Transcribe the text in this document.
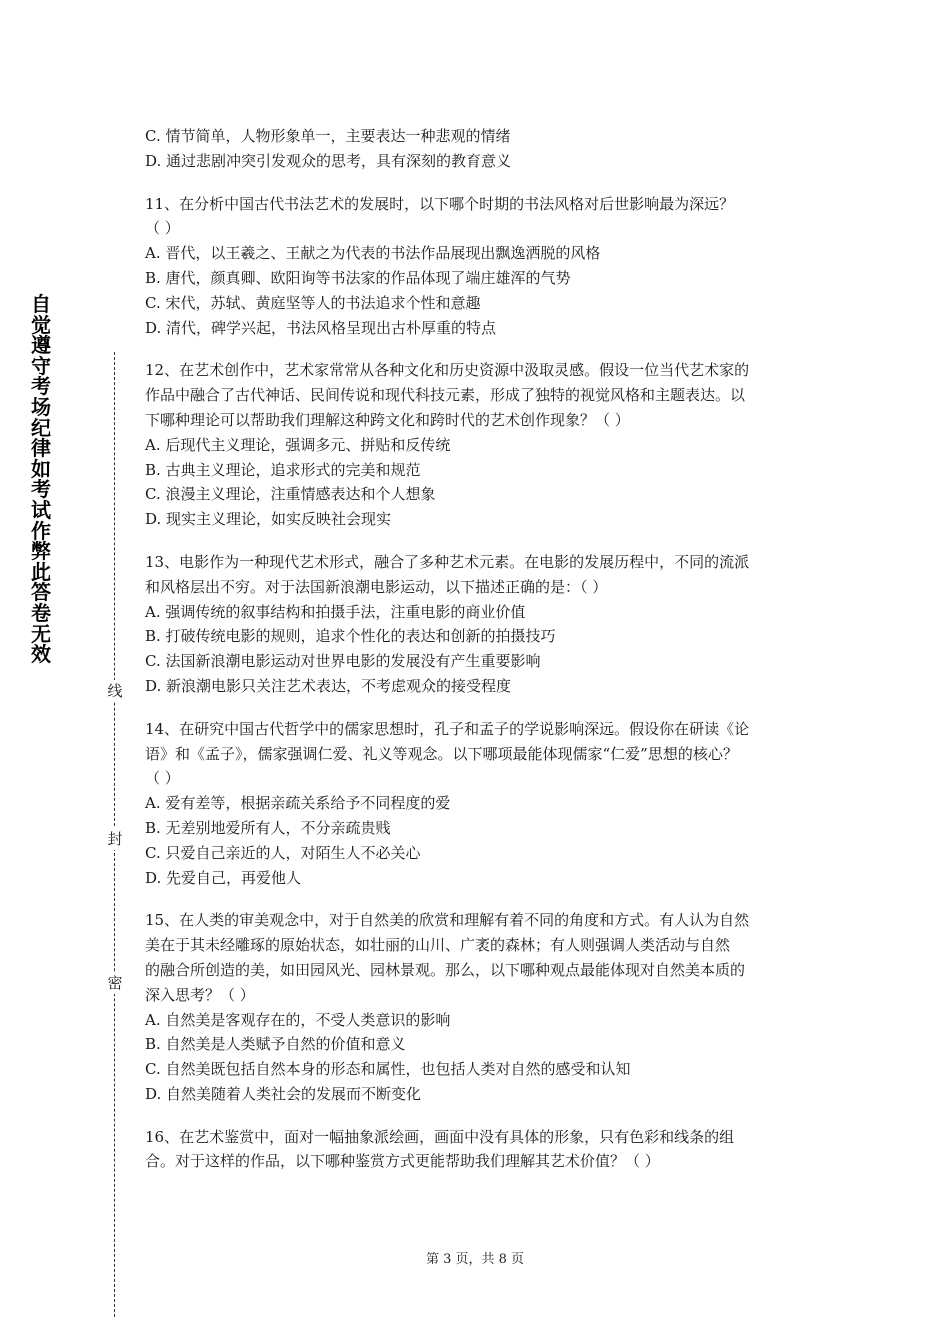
自觉遵守考场纪律如考试作弊此答卷无效
线
封
密
C. 情节简单，人物形象单一，主要表达一种悲观的情绪
D. 通过悲剧冲突引发观众的思考，具有深刻的教育意义
11、在分析中国古代书法艺术的发展时，以下哪个时期的书法风格对后世影响最为深远？
（ ）
A. 晋代，以王羲之、王献之为代表的书法作品展现出飘逸洒脱的风格
B. 唐代，颜真卿、欧阳询等书法家的作品体现了端庄雄浑的气势
C. 宋代，苏轼、黄庭坚等人的书法追求个性和意趣
D. 清代，碑学兴起，书法风格呈现出古朴厚重的特点
12、在艺术创作中，艺术家常常从各种文化和历史资源中汲取灵感。假设一位当代艺术家的
作品中融合了古代神话、民间传说和现代科技元素，形成了独特的视觉风格和主题表达。以
下哪种理论可以帮助我们理解这种跨文化和跨时代的艺术创作现象？（ ）
A. 后现代主义理论，强调多元、拼贴和反传统
B. 古典主义理论，追求形式的完美和规范
C. 浪漫主义理论，注重情感表达和个人想象
D. 现实主义理论，如实反映社会现实
13、电影作为一种现代艺术形式，融合了多种艺术元素。在电影的发展历程中，不同的流派
和风格层出不穷。对于法国新浪潮电影运动，以下描述正确的是：（ ）
A. 强调传统的叙事结构和拍摄手法，注重电影的商业价值
B. 打破传统电影的规则，追求个性化的表达和创新的拍摄技巧
C. 法国新浪潮电影运动对世界电影的发展没有产生重要影响
D. 新浪潮电影只关注艺术表达，不考虑观众的接受程度
14、在研究中国古代哲学中的儒家思想时，孔子和孟子的学说影响深远。假设你在研读《论
语》和《孟子》，儒家强调仁爱、礼义等观念。以下哪项最能体现儒家“仁爱”思想的核心？
（ ）
A. 爱有差等，根据亲疏关系给予不同程度的爱
B. 无差别地爱所有人，不分亲疏贵贱
C. 只爱自己亲近的人，对陌生人不必关心
D. 先爱自己，再爱他人
15、在人类的审美观念中，对于自然美的欣赏和理解有着不同的角度和方式。有人认为自然
美在于其未经雕琢的原始状态，如壮丽的山川、广袤的森林；有人则强调人类活动与自然
的融合所创造的美，如田园风光、园林景观。那么，以下哪种观点最能体现对自然美本质的
深入思考？（ ）
A. 自然美是客观存在的，不受人类意识的影响
B. 自然美是人类赋予自然的价值和意义
C. 自然美既包括自然本身的形态和属性，也包括人类对自然的感受和认知
D. 自然美随着人类社会的发展而不断变化
16、在艺术鉴赏中，面对一幅抽象派绘画，画面中没有具体的形象，只有色彩和线条的组
合。对于这样的作品，以下哪种鉴赏方式更能帮助我们理解其艺术价值？（ ）
第 3 页，共 8 页
